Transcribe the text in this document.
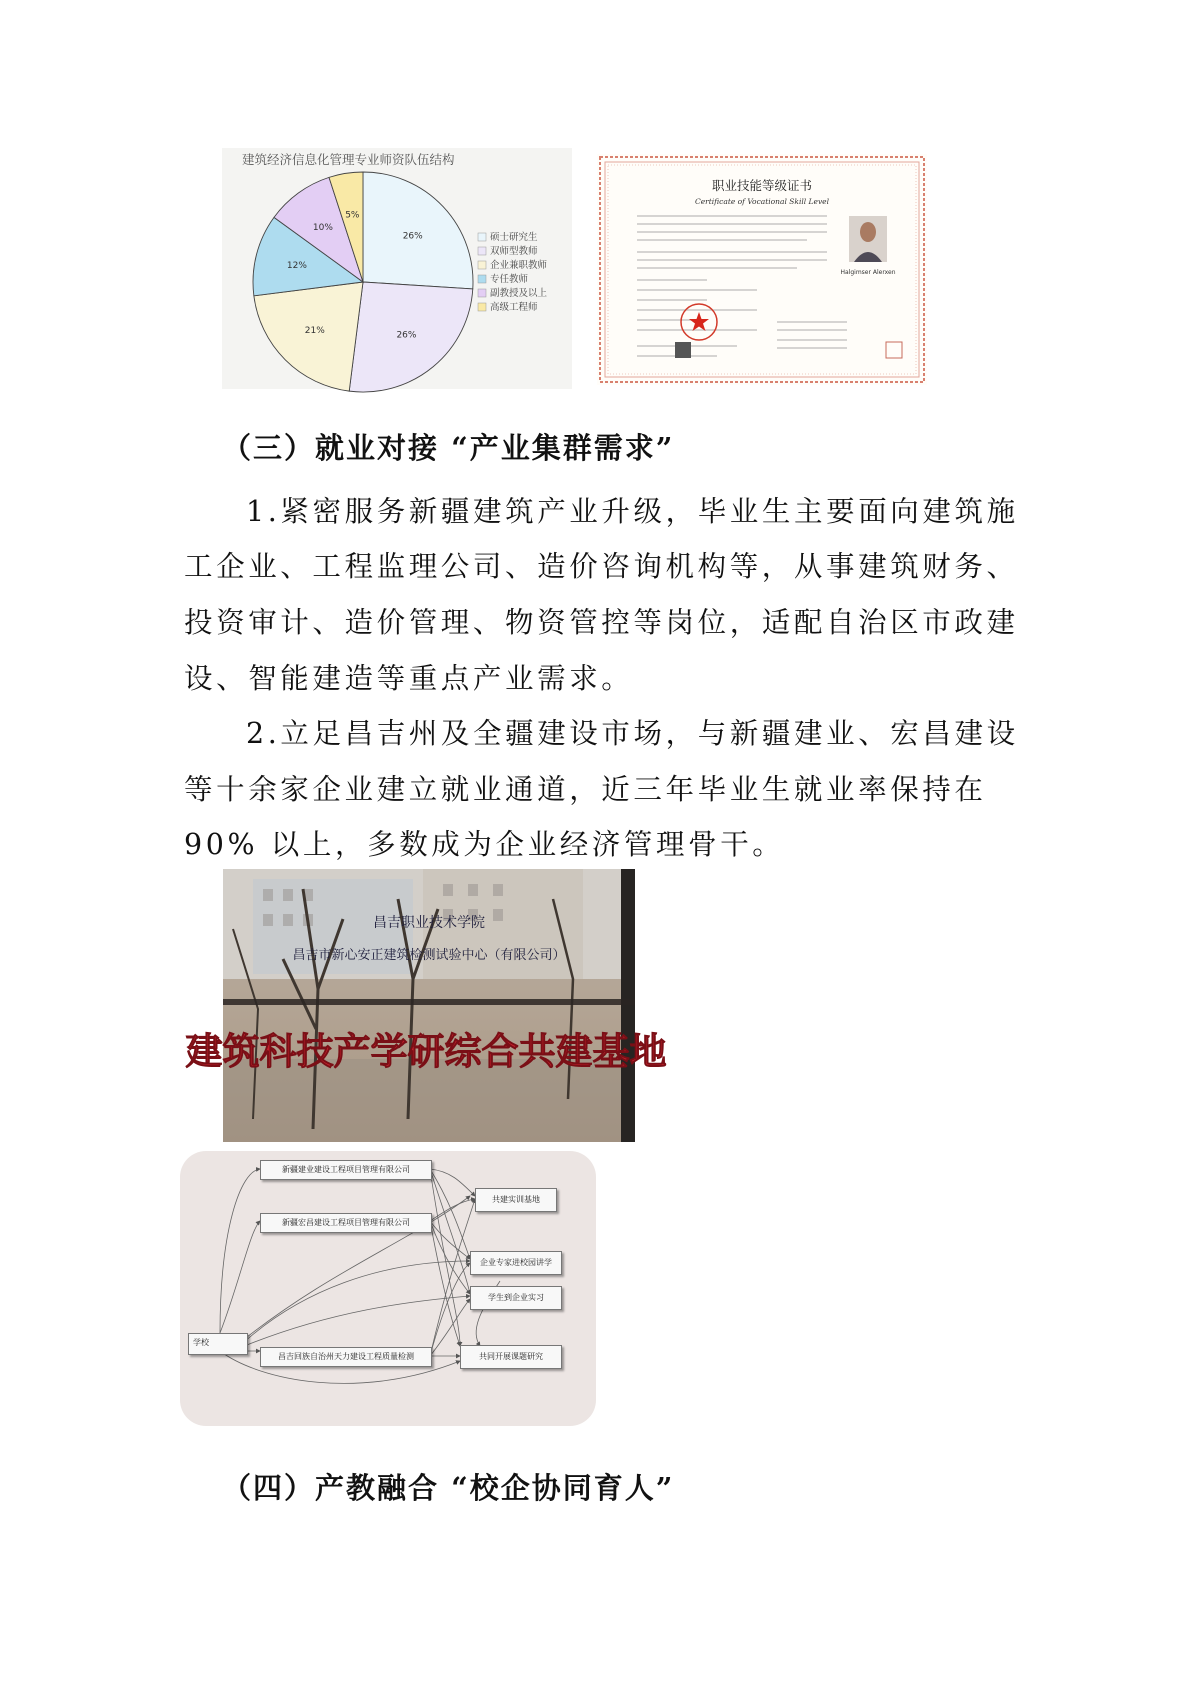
建筑经济信息化管理专业师资队伍结构
26%
26%
21%
12%
10%
5%
硕士研究生
双师型教师
企业兼职教师
专任教师
副教授及以上
高级工程师
职业技能等级证书
Certificate of Vocational Skill Level
Halgimser Alerxen
（三）就业对接 “产业集群需求”
1.紧密服务新疆建筑产业升级，毕业生主要面向建筑施
工企业、工程监理公司、造价咨询机构等，从事建筑财务、
投资审计、造价管理、物资管控等岗位，适配自治区市政建
设、智能建造等重点产业需求。
2.立足昌吉州及全疆建设市场，与新疆建业、宏昌建设
等十余家企业建立就业通道，近三年毕业生就业率保持在
90% 以上，多数成为企业经济管理骨干。
昌吉职业技术学院
昌吉市新心安正建筑检测试验中心（有限公司）
建筑科技产学研综合共建基地
学校
新疆建业建设工程项目管理有限公司
新疆宏昌建设工程项目管理有限公司
昌吉回族自治州天力建设工程质量检测
共建实训基地
企业专家进校园讲学
学生到企业实习
共同开展课题研究
（四）产教融合 “校企协同育人”
